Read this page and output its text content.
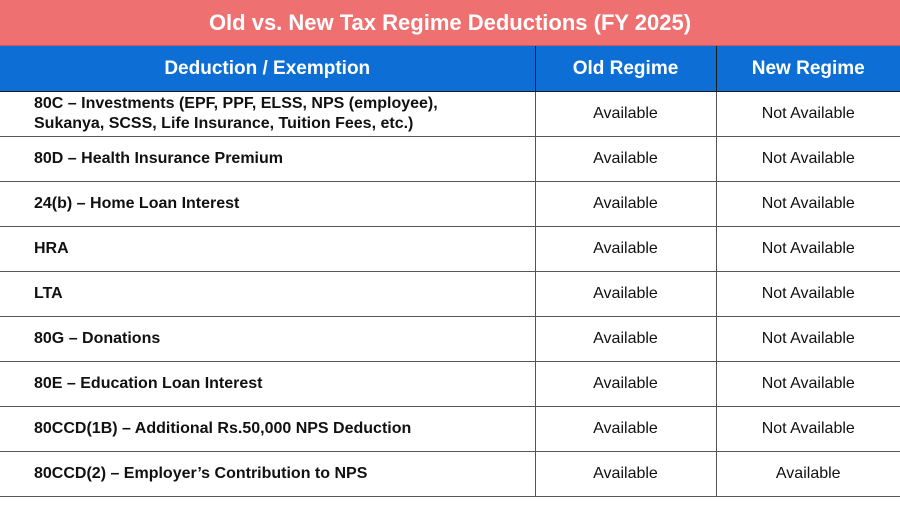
Old vs. New Tax Regime Deductions (FY 2025)
Deduction / Exemption	Old Regime	New Regime

80C – Investments (EPF, PPF, ELSS, NPS (employee),
Sukanya, SCSS, Life Insurance, Tuition Fees, etc.)	Available	Not Available
80D – Health Insurance Premium	Available	Not Available
24(b) – Home Loan Interest	Available	Not Available
HRA	Available	Not Available
LTA	Available	Not Available
80G – Donations	Available	Not Available
80E – Education Loan Interest	Available	Not Available
80CCD(1B) – Additional Rs.50,000 NPS Deduction	Available	Not Available
80CCD(2) – Employer’s Contribution to NPS	Available	Available
